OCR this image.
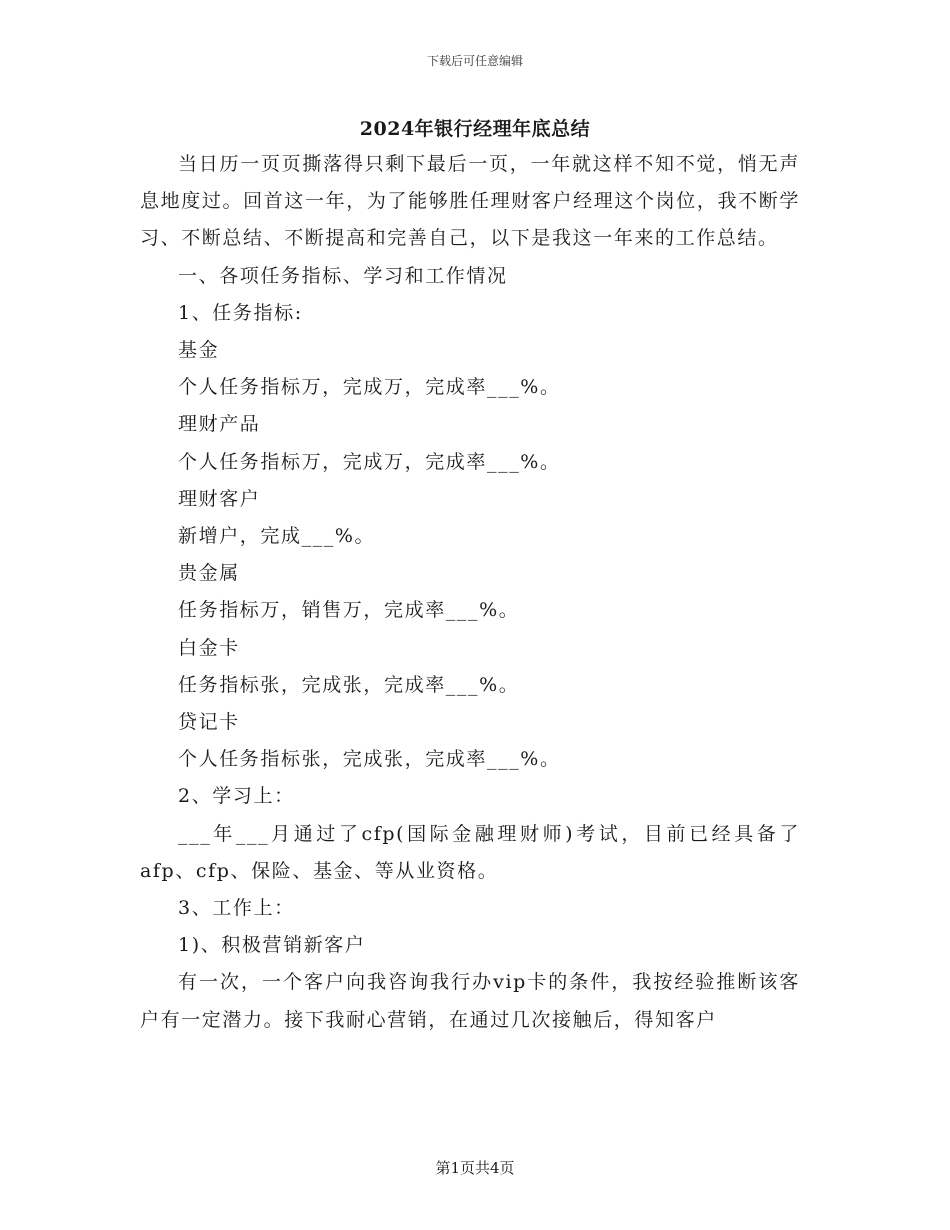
下载后可任意编辑
2024年银行经理年底总结

当日历一页页撕落得只剩下最后一页，一年就这样不知不觉，悄无声息地度过。回首这一年，为了能够胜任理财客户经理这个岗位，我不断学习、不断总结、不断提高和完善自己，以下是我这一年来的工作总结。

一、各项任务指标、学习和工作情况

1、任务指标:

基金

个人任务指标万，完成万，完成率___%。

理财产品

个人任务指标万，完成万，完成率___%。

理财客户

新增户，完成___%。

贵金属

任务指标万，销售万，完成率___%。

白金卡

任务指标张，完成张，完成率___%。

贷记卡

个人任务指标张，完成张，完成率___%。

2、学习上：

___年___月通过了cfp(国际金融理财师)考试，目前已经具备了afp、cfp、保险、基金、等从业资格。

3、工作上：

1)、积极营销新客户

有一次，一个客户向我咨询我行办vip卡的条件，我按经验推断该客户有一定潜力。接下我耐心营销，在通过几次接触后，得知客户

第1页共4页
